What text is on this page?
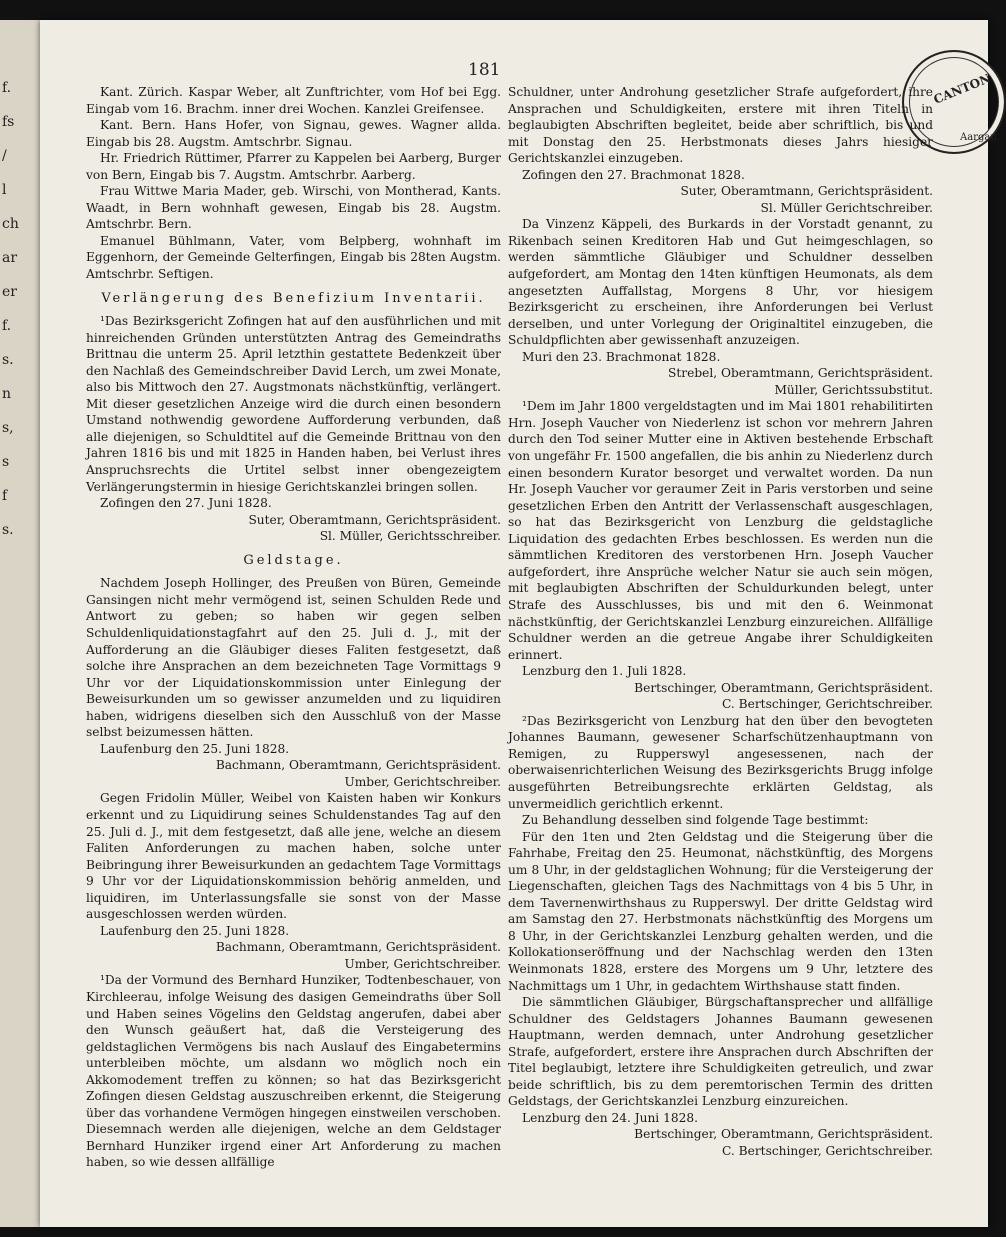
f.
fs
/
l
ch
ar
er
f.
s.
n
s,
s
f
s.
181
CANTON
Aargau

Kant. Zürich. Kaspar Weber, alt Zunftrichter, vom Hof bei Egg. Eingab vom 16. Brachm. inner drei Wochen. Kanzlei Greifensee.

Kant. Bern. Hans Hofer, von Signau, gewes. Wagner allda. Eingab bis 28. Augstm. Amtschrbr. Signau.

Hr. Friedrich Rüttimer, Pfarrer zu Kappelen bei Aarberg, Burger von Bern, Eingab bis 7. Augstm. Amtschrbr. Aarberg.

Frau Wittwe Maria Mader, geb. Wirschi, von Montherad, Kants. Waadt, in Bern wohnhaft gewesen, Eingab bis 28. Augstm. Amtschrbr. Bern.

Emanuel Bühlmann, Vater, vom Belpberg, wohnhaft im Eggenhorn, der Gemeinde Gelterfingen, Eingab bis 28ten Augstm. Amtschrbr. Seftigen.

Verlängerung des Benefizium Inventarii.

¹Das Bezirksgericht Zofingen hat auf den ausführlichen und mit hinreichenden Gründen unterstützten Antrag des Gemeindraths Brittnau die unterm 25. April letzthin gestattete Bedenkzeit über den Nachlaß des Gemeindschreiber David Lerch, um zwei Monate, also bis Mittwoch den 27. Augstmonats nächstkünftig, verlängert. Mit dieser gesetzlichen Anzeige wird die durch einen besondern Umstand nothwendig gewordene Aufforderung verbunden, daß alle diejenigen, so Schuldtitel auf die Gemeinde Brittnau von den Jahren 1816 bis und mit 1825 in Handen haben, bei Verlust ihres Anspruchsrechts die Urtitel selbst inner obengezeigtem Verlängerungstermin in hiesige Gerichtskanzlei bringen sollen.

Zofingen den 27. Juni 1828.

Suter, Oberamtmann, Gerichtspräsident.

Sl. Müller, Gerichtsschreiber.

Geldstage.

Nachdem Joseph Hollinger, des Preußen von Büren, Gemeinde Gansingen nicht mehr vermögend ist, seinen Schulden Rede und Antwort zu geben; so haben wir gegen selben Schuldenliquidationstagfahrt auf den 25. Juli d. J., mit der Aufforderung an die Gläubiger dieses Faliten festgesetzt, daß solche ihre Ansprachen an dem bezeichneten Tage Vormittags 9 Uhr vor der Liquidationskommission unter Einlegung der Beweisurkunden um so gewisser anzumelden und zu liquidiren haben, widrigens dieselben sich den Ausschluß von der Masse selbst beizumessen hätten.

Laufenburg den 25. Juni 1828.

Bachmann, Oberamtmann, Gerichtspräsident.

Umber, Gerichtschreiber.

Gegen Fridolin Müller, Weibel von Kaisten haben wir Konkurs erkennt und zu Liquidirung seines Schuldenstandes Tag auf den 25. Juli d. J., mit dem festgesetzt, daß alle jene, welche an diesem Faliten Anforderungen zu machen haben, solche unter Beibringung ihrer Beweisurkunden an gedachtem Tage Vormittags 9 Uhr vor der Liquidationskommission behörig anmelden, und liquidiren, im Unterlassungsfalle sie sonst von der Masse ausgeschlossen werden würden.

Laufenburg den 25. Juni 1828.

Bachmann, Oberamtmann, Gerichtspräsident.

Umber, Gerichtschreiber.

¹Da der Vormund des Bernhard Hunziker, Todtenbeschauer, von Kirchleerau, infolge Weisung des dasigen Gemeindraths über Soll und Haben seines Vögelins den Geldstag angerufen, dabei aber den Wunsch geäußert hat, daß die Versteigerung des geldstaglichen Vermögens bis nach Auslauf des Eingabetermins unterbleiben möchte, um alsdann wo möglich noch ein Akkomodement treffen zu können; so hat das Bezirksgericht Zofingen diesen Geldstag auszuschreiben erkennt, die Steigerung über das vorhandene Vermögen hingegen einstweilen verschoben. Diesemnach werden alle diejenigen, welche an dem Geldstager Bernhard Hunziker irgend einer Art Anforderung zu machen haben, so wie dessen allfällige

Schuldner, unter Androhung gesetzlicher Strafe aufgefordert, ihre Ansprachen und Schuldigkeiten, erstere mit ihren Titeln in beglaubigten Abschriften begleitet, beide aber schriftlich, bis und mit Donstag den 25. Herbstmonats dieses Jahrs hiesiger Gerichtskanzlei einzugeben.

Zofingen den 27. Brachmonat 1828.

Suter, Oberamtmann, Gerichtspräsident.

Sl. Müller Gerichtschreiber.

Da Vinzenz Käppeli, des Burkards in der Vorstadt genannt, zu Rikenbach seinen Kreditoren Hab und Gut heimgeschlagen, so werden sämmtliche Gläubiger und Schuldner desselben aufgefordert, am Montag den 14ten künftigen Heumonats, als dem angesetzten Auffallstag, Morgens 8 Uhr, vor hiesigem Bezirksgericht zu erscheinen, ihre Anforderungen bei Verlust derselben, und unter Vorlegung der Originaltitel einzugeben, die Schuldpflichten aber gewissenhaft anzuzeigen.

Muri den 23. Brachmonat 1828.

Strebel, Oberamtmann, Gerichtspräsident.

Müller, Gerichtssubstitut.

¹Dem im Jahr 1800 vergeldstagten und im Mai 1801 rehabilitirten Hrn. Joseph Vaucher von Niederlenz ist schon vor mehrern Jahren durch den Tod seiner Mutter eine in Aktiven bestehende Erbschaft von ungefähr Fr. 1500 angefallen, die bis anhin zu Niederlenz durch einen besondern Kurator besorget und verwaltet worden. Da nun Hr. Joseph Vaucher vor geraumer Zeit in Paris verstorben und seine gesetzlichen Erben den Antritt der Verlassenschaft ausgeschlagen, so hat das Bezirksgericht von Lenzburg die geldstagliche Liquidation des gedachten Erbes beschlossen. Es werden nun die sämmtlichen Kreditoren des verstorbenen Hrn. Joseph Vaucher aufgefordert, ihre Ansprüche welcher Natur sie auch sein mögen, mit beglaubigten Abschriften der Schuldurkunden belegt, unter Strafe des Ausschlusses, bis und mit den 6. Weinmonat nächstkünftig, der Gerichtskanzlei Lenzburg einzureichen. Allfällige Schuldner werden an die getreue Angabe ihrer Schuldigkeiten erinnert.

Lenzburg den 1. Juli 1828.

Bertschinger, Oberamtmann, Gerichtspräsident.

C. Bertschinger, Gerichtschreiber.

²Das Bezirksgericht von Lenzburg hat den über den bevogteten Johannes Baumann, gewesener Scharfschützenhauptmann von Remigen, zu Rupperswyl angesessenen, nach der oberwaisenrichterlichen Weisung des Bezirksgerichts Brugg infolge ausgeführten Betreibungsrechte erklärten Geldstag, als unvermeidlich gerichtlich erkennt.

Zu Behandlung desselben sind folgende Tage bestimmt:

Für den 1ten und 2ten Geldstag und die Steigerung über die Fahrhabe, Freitag den 25. Heumonat, nächstkünftig, des Morgens um 8 Uhr, in der geldstaglichen Wohnung; für die Versteigerung der Liegenschaften, gleichen Tags des Nachmittags von 4 bis 5 Uhr, in dem Tavernenwirthshaus zu Rupperswyl. Der dritte Geldstag wird am Samstag den 27. Herbstmonats nächstkünftig des Morgens um 8 Uhr, in der Gerichtskanzlei Lenzburg gehalten werden, und die Kollokationseröffnung und der Nachschlag werden den 13ten Weinmonats 1828, erstere des Morgens um 9 Uhr, letztere des Nachmittags um 1 Uhr, in gedachtem Wirthshause statt finden.

Die sämmtlichen Gläubiger, Bürgschaftansprecher und allfällige Schuldner des Geldstagers Johannes Baumann gewesenen Hauptmann, werden demnach, unter Androhung gesetzlicher Strafe, aufgefordert, erstere ihre Ansprachen durch Abschriften der Titel beglaubigt, letztere ihre Schuldigkeiten getreulich, und zwar beide schriftlich, bis zu dem peremtorischen Termin des dritten Geldstags, der Gerichtskanzlei Lenzburg einzureichen.

Lenzburg den 24. Juni 1828.

Bertschinger, Oberamtmann, Gerichtspräsident.

C. Bertschinger, Gerichtschreiber.
